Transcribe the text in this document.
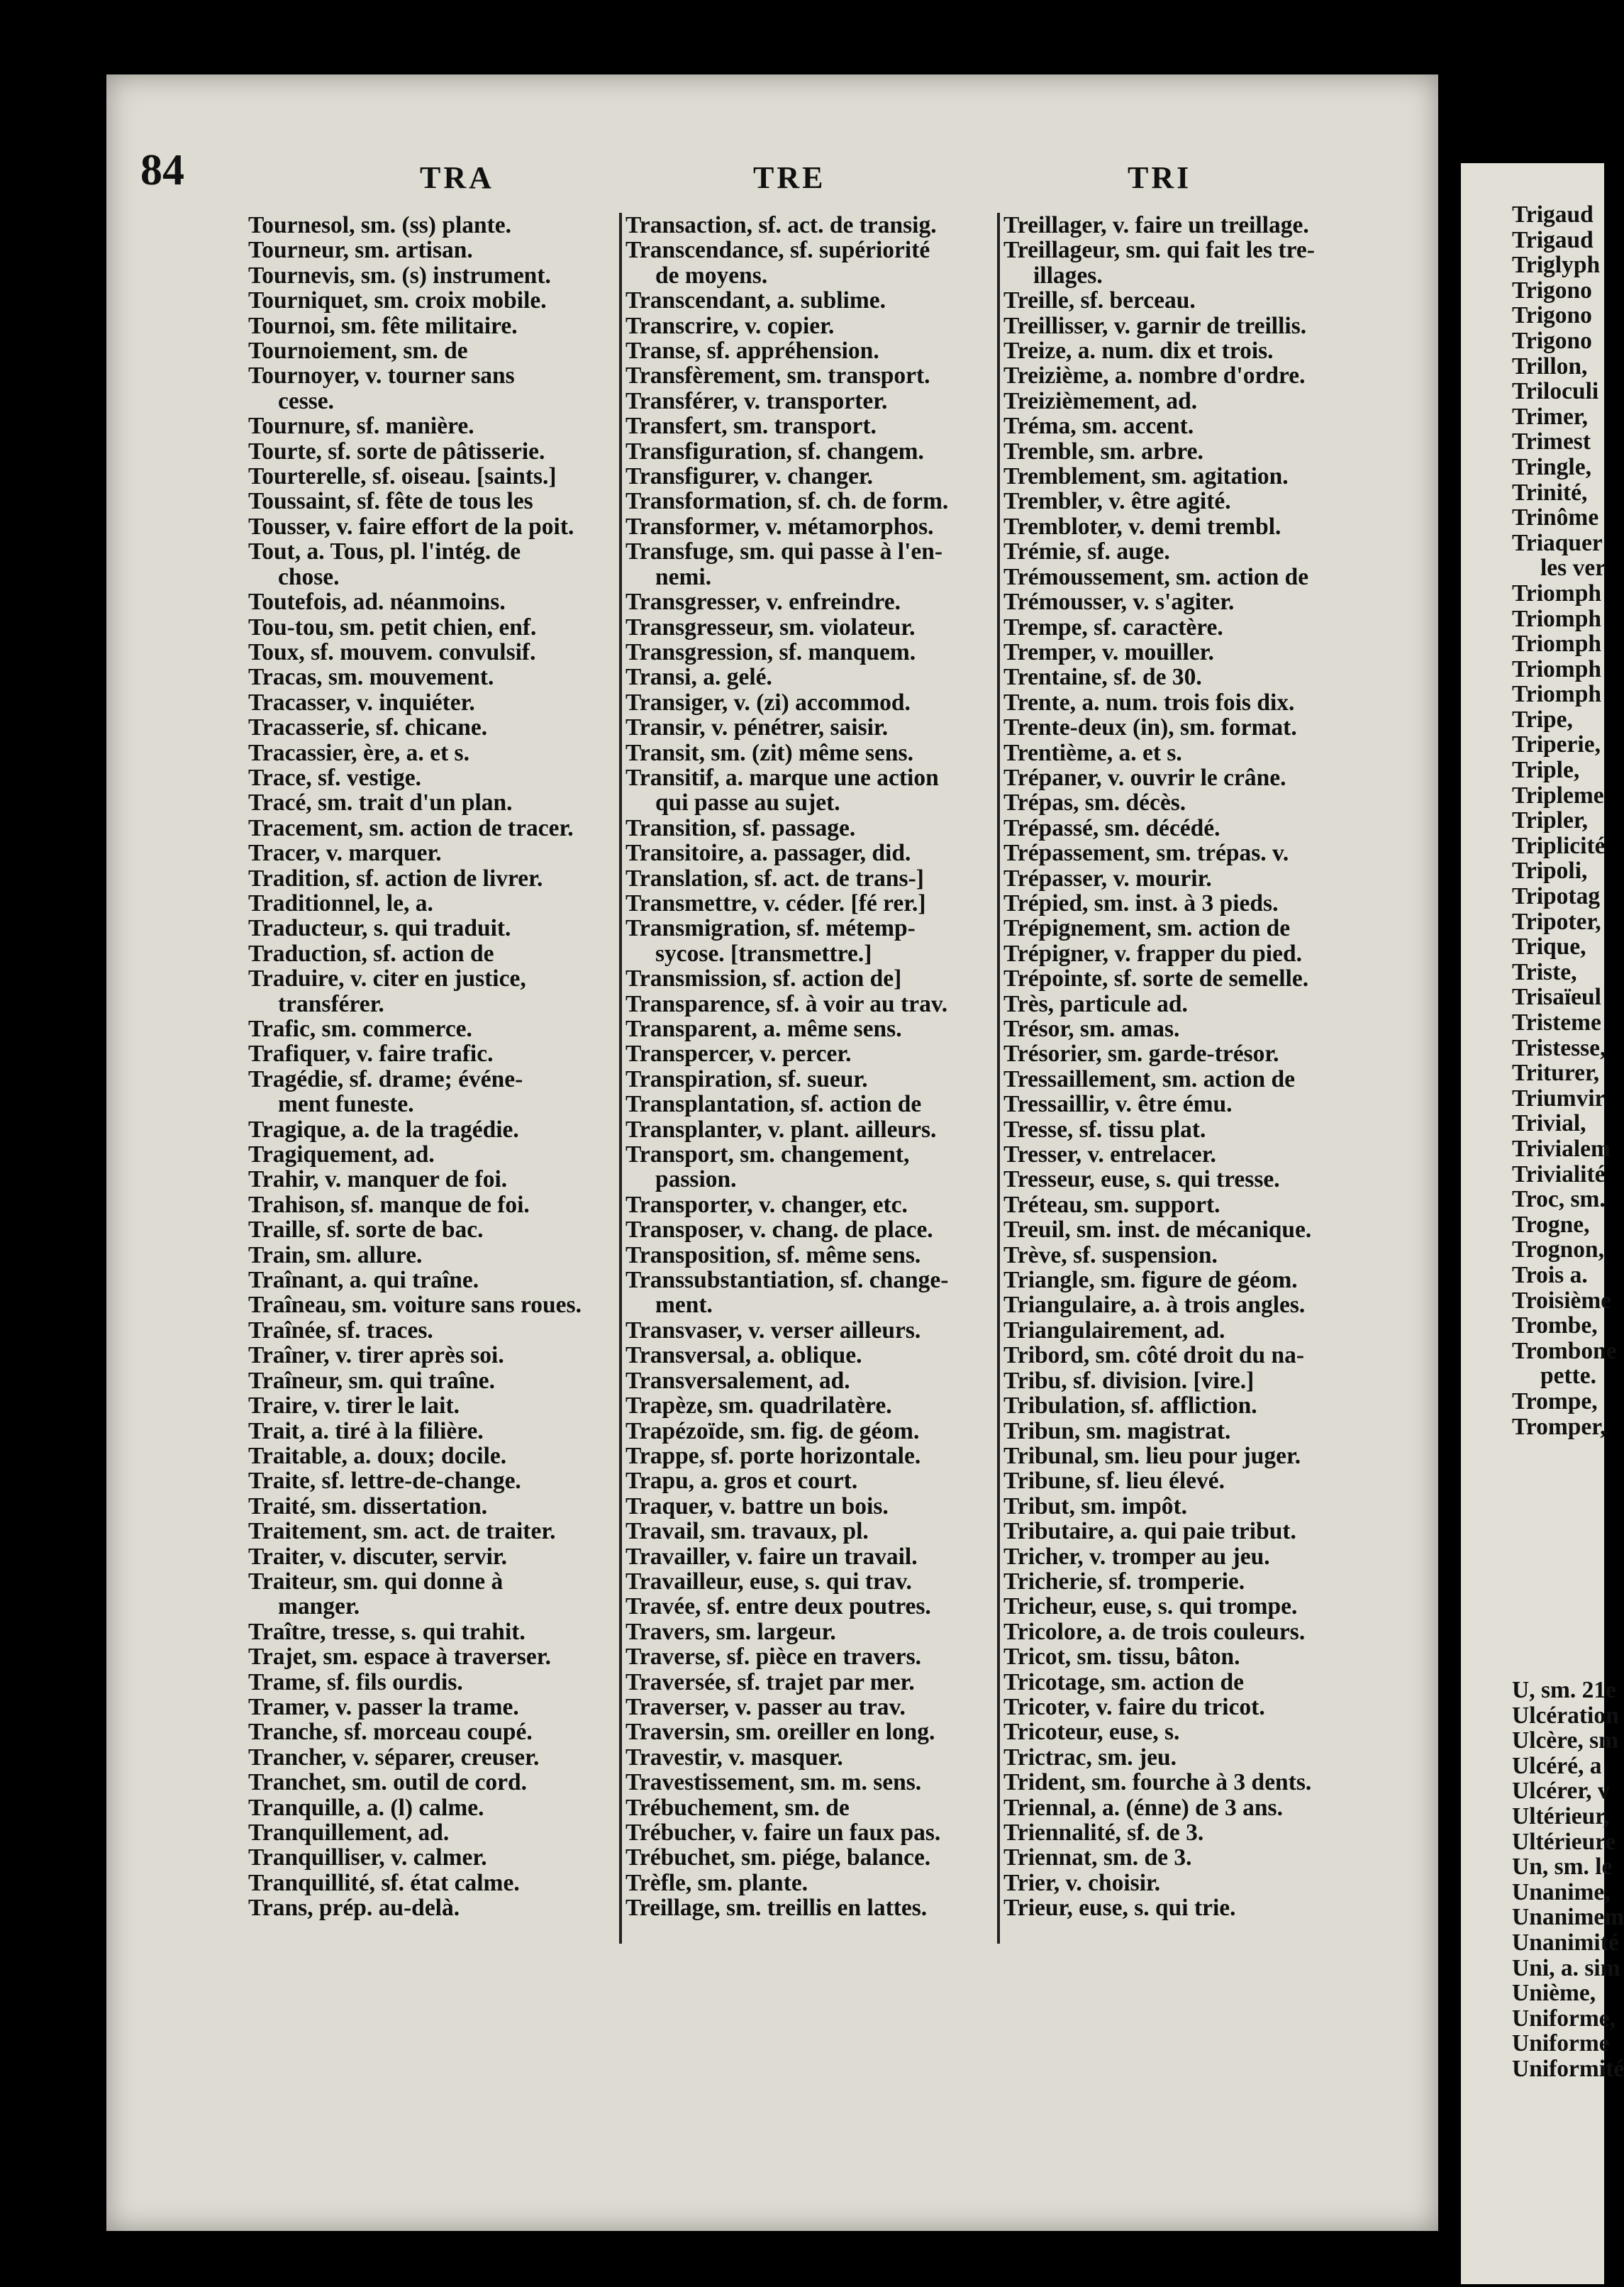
84	TRA	TRE	TRI
Tournesol, sm. (ss) plante.
Tourneur, sm. artisan.
Tournevis, sm. (s) instrument.
Tourniquet, sm. croix mobile.
Tournoi, sm. fête militaire.
Tournoiement, sm. de
Tournoyer, v. tourner sans
cesse.
Tournure, sf. manière.
Tourte, sf. sorte de pâtisserie.
Tourterelle, sf. oiseau. [saints.]
Toussaint, sf. fête de tous les
Tousser, v. faire effort de la poit.
Tout, a. Tous, pl. l'intég. de
chose.
Toutefois, ad. néanmoins.
Tou-tou, sm. petit chien, enf.
Toux, sf. mouvem. convulsif.
Tracas, sm. mouvement.
Tracasser, v. inquiéter.
Tracasserie, sf. chicane.
Tracassier, ère, a. et s.
Trace, sf. vestige.
Tracé, sm. trait d'un plan.
Tracement, sm. action de tracer.
Tracer, v. marquer.
Tradition, sf. action de livrer.
Traditionnel, le, a.
Traducteur, s. qui traduit.
Traduction, sf. action de
Traduire, v. citer en justice,
transférer.
Trafic, sm. commerce.
Trafiquer, v. faire trafic.
Tragédie, sf. drame; événe-
ment funeste.
Tragique, a. de la tragédie.
Tragiquement, ad.
Trahir, v. manquer de foi.
Trahison, sf. manque de foi.
Traille, sf. sorte de bac.
Train, sm. allure.
Traînant, a. qui traîne.
Traîneau, sm. voiture sans roues.
Traînée, sf. traces.
Traîner, v. tirer après soi.
Traîneur, sm. qui traîne.
Traire, v. tirer le lait.
Trait, a. tiré à la filière.
Traitable, a. doux; docile.
Traite, sf. lettre-de-change.
Traité, sm. dissertation.
Traitement, sm. act. de traiter.
Traiter, v. discuter, servir.
Traiteur, sm. qui donne à
manger.
Traître, tresse, s. qui trahit.
Trajet, sm. espace à traverser.
Trame, sf. fils ourdis.
Tramer, v. passer la trame.
Tranche, sf. morceau coupé.
Trancher, v. séparer, creuser.
Tranchet, sm. outil de cord.
Tranquille, a. (l) calme.
Tranquillement, ad.
Tranquilliser, v. calmer.
Tranquillité, sf. état calme.
Trans, prép. au-delà.
Transaction, sf. act. de transig.
Transcendance, sf. supériorité
de moyens.
Transcendant, a. sublime.
Transcrire, v. copier.
Transe, sf. appréhension.
Transfèrement, sm. transport.
Transférer, v. transporter.
Transfert, sm. transport.
Transfiguration, sf. changem.
Transfigurer, v. changer.
Transformation, sf. ch. de form.
Transformer, v. métamorphos.
Transfuge, sm. qui passe à l'en-
nemi.
Transgresser, v. enfreindre.
Transgresseur, sm. violateur.
Transgression, sf. manquem.
Transi, a. gelé.
Transiger, v. (zi) accommod.
Transir, v. pénétrer, saisir.
Transit, sm. (zit) même sens.
Transitif, a. marque une action
qui passe au sujet.
Transition, sf. passage.
Transitoire, a. passager, did.
Translation, sf. act. de trans-]
Transmettre, v. céder. [fé rer.]
Transmigration, sf. métemp-
sycose. [transmettre.]
Transmission, sf. action de]
Transparence, sf. à voir au trav.
Transparent, a. même sens.
Transpercer, v. percer.
Transpiration, sf. sueur.
Transplantation, sf. action de
Transplanter, v. plant. ailleurs.
Transport, sm. changement,
passion.
Transporter, v. changer, etc.
Transposer, v. chang. de place.
Transposition, sf. même sens.
Transsubstantiation, sf. change-
ment.
Transvaser, v. verser ailleurs.
Transversal, a. oblique.
Transversalement, ad.
Trapèze, sm. quadrilatère.
Trapézoïde, sm. fig. de géom.
Trappe, sf. porte horizontale.
Trapu, a. gros et court.
Traquer, v. battre un bois.
Travail, sm. travaux, pl.
Travailler, v. faire un travail.
Travailleur, euse, s. qui trav.
Travée, sf. entre deux poutres.
Travers, sm. largeur.
Traverse, sf. pièce en travers.
Traversée, sf. trajet par mer.
Traverser, v. passer au trav.
Traversin, sm. oreiller en long.
Travestir, v. masquer.
Travestissement, sm. m. sens.
Trébuchement, sm. de
Trébucher, v. faire un faux pas.
Trébuchet, sm. piége, balance.
Trèfle, sm. plante.
Treillage, sm. treillis en lattes.
Treillager, v. faire un treillage.
Treillageur, sm. qui fait les tre-
illages.
Treille, sf. berceau.
Treillisser, v. garnir de treillis.
Treize, a. num. dix et trois.
Treizième, a. nombre d'ordre.
Treizièmement, ad.
Tréma, sm. accent.
Tremble, sm. arbre.
Tremblement, sm. agitation.
Trembler, v. être agité.
Trembloter, v. demi trembl.
Trémie, sf. auge.
Trémoussement, sm. action de
Trémousser, v. s'agiter.
Trempe, sf. caractère.
Tremper, v. mouiller.
Trentaine, sf. de 30.
Trente, a. num. trois fois dix.
Trente-deux (in), sm. format.
Trentième, a. et s.
Trépaner, v. ouvrir le crâne.
Trépas, sm. décès.
Trépassé, sm. décédé.
Trépassement, sm. trépas. v.
Trépasser, v. mourir.
Trépied, sm. inst. à 3 pieds.
Trépignement, sm. action de
Trépigner, v. frapper du pied.
Trépointe, sf. sorte de semelle.
Très, particule ad.
Trésor, sm. amas.
Trésorier, sm. garde-trésor.
Tressaillement, sm. action de
Tressaillir, v. être ému.
Tresse, sf. tissu plat.
Tresser, v. entrelacer.
Tresseur, euse, s. qui tresse.
Tréteau, sm. support.
Treuil, sm. inst. de mécanique.
Trève, sf. suspension.
Triangle, sm. figure de géom.
Triangulaire, a. à trois angles.
Triangulairement, ad.
Tribord, sm. côté droit du na-
Tribu, sf. division. [vire.]
Tribulation, sf. affliction.
Tribun, sm. magistrat.
Tribunal, sm. lieu pour juger.
Tribune, sf. lieu élevé.
Tribut, sm. impôt.
Tributaire, a. qui paie tribut.
Tricher, v. tromper au jeu.
Tricherie, sf. tromperie.
Tricheur, euse, s. qui trompe.
Tricolore, a. de trois couleurs.
Tricot, sm. tissu, bâton.
Tricotage, sm. action de
Tricoter, v. faire du tricot.
Tricoteur, euse, s.
Trictrac, sm. jeu.
Trident, sm. fourche à 3 dents.
Triennal, a. (énne) de 3 ans.
Triennalité, sf. de 3.
Triennat, sm. de 3.
Trier, v. choisir.
Trieur, euse, s. qui trie.
Trigaud
Trigaud
Triglyph
Trigono
Trigono
Trigono
Trillon,
Triloculi
Trimer,
Trimest
Tringle,
Trinité,
Trinôme
Triaquer
les ver
Triomph
Triomph
Triomph
Triomph
Triomph
Tripe,
Triperie,
Triple,
Tripleme
Tripler,
Triplicité
Tripoli,
Tripotag
Tripoter,
Trique,
Triste,
Trisaïeul
Tristeme
Tristesse,
Triturer,
Triumvir
Trivial,
Trivialem
Trivialité
Troc, sm.
Trogne,
Trognon,
Trois a.
Troisième
Trombe,
Trombone
pette.
Trompe,
Tromper,
U, sm. 21e
Ulcération
Ulcère, sm
Ulcéré, a
Ulcérer, v
Ultérieur,
Ultérieure
Un, sm. le
Unanime,
Unanimem
Unanimité
Uni, a. sim
Unième,
Uniforme,
Uniforme
Uniformité
